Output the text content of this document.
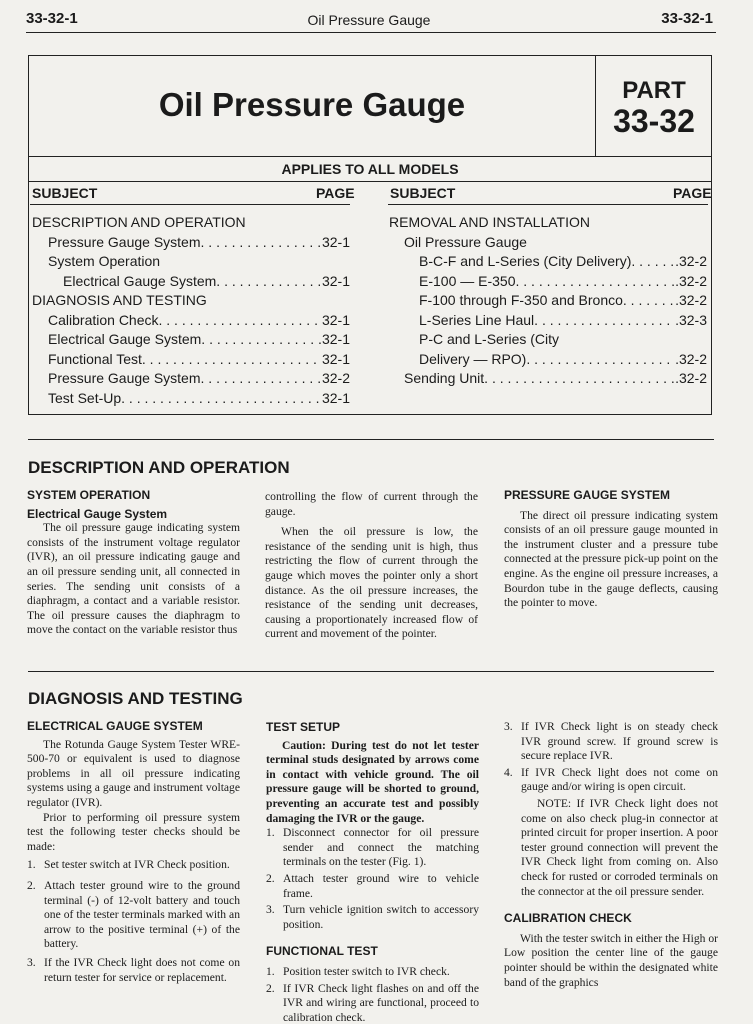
33-32-1	Oil Pressure Gauge	33-32-1
Oil Pressure Gauge	PART
33-32
APPLIES TO ALL MODELS
SUBJECT	PAGE	SUBJECT	PAGE
DESCRIPTION AND OPERATION
Pressure Gauge System . . .	32-1
System Operation
Electrical Gauge System . . .	32-1
DIAGNOSIS AND TESTING
Calibration Check . . .	32-1
Electrical Gauge System . . .	32-1
Functional Test . . .	32-1
Pressure Gauge System . . .	32-2
Test Set-Up . . .	32-1
REMOVAL AND INSTALLATION
Oil Pressure Gauge
B-C-F and L-Series (City Delivery) . . .	.32-2
E-100 — E-350 . . .	.32-2
F-100 through F-350 and Bronco . . .	.32-2
L-Series Line Haul . . .	.32-3
P-C and L-Series (City
Delivery — RPO) . . .	.32-2
Sending Unit . . .	.32-2
DESCRIPTION AND OPERATION
SYSTEM OPERATION
Electrical Gauge System

The oil pressure gauge indicating system consists of the instrument voltage regulator (IVR), an oil pressure indicating gauge and an oil pressure sending unit, all connected in series. The sending unit consists of a diaphragm, a contact and a variable resistor. The oil pressure causes the diaphragm to move the contact on the variable resistor thus

controlling the flow of current through the gauge.

When the oil pressure is low, the resistance of the sending unit is high, thus restricting the flow of current through the gauge which moves the pointer only a short distance. As the oil pressure increases, the resistance of the sending unit decreases, causing a proportionately increased flow of current and movement of the pointer.

PRESSURE GAUGE SYSTEM

The direct oil pressure indicating system consists of an oil pressure gauge mounted in the instrument cluster and a pressure tube connected at the pressure pick-up point on the engine. As the engine oil pressure increases, a Bourdon tube in the gauge deflects, causing the pointer to move.

DIAGNOSIS AND TESTING
ELECTRICAL GAUGE SYSTEM

The Rotunda Gauge System Tester WRE-500-70 or equivalent is used to diagnose problems in all oil pressure indicating systems using a gauge and instrument voltage regulator (IVR).

Prior to performing oil pressure system test the following tester checks should be made:

1. Set tester switch at IVR Check position.
2. Attach tester ground wire to the ground terminal (-) of 12-volt battery and touch one of the tester terminals marked with an arrow to the positive terminal (+) of the battery.
3. If the IVR Check light does not come on return tester for service or replacement.
TEST SETUP

Caution: During test do not let tester terminal studs designated by arrows come in contact with vehicle ground. The oil pressure gauge will be shorted to ground, preventing an accurate test and possibly damaging the IVR or the gauge.

1. Disconnect connector for oil pressure sender and connect the matching terminals on the tester (Fig. 1).
2. Attach tester ground wire to vehicle frame.
3. Turn vehicle ignition switch to accessory position.
FUNCTIONAL TEST
1. Position tester switch to IVR check.
2. If IVR Check light flashes on and off the IVR and wiring are functional, proceed to calibration check.
3. If IVR Check light is on steady check IVR ground screw. If ground screw is secure replace IVR.
4. If IVR Check light does not come on gauge and/or wiring is open circuit.

NOTE: If IVR Check light does not come on also check plug-in connector at printed circuit for proper insertion. A poor tester ground connection will prevent the IVR Check light from coming on. Also check for rusted or corroded terminals on the connector at the oil pressure sender.

CALIBRATION CHECK

With the tester switch in either the High or Low position the center line of the gauge pointer should be within the designated white band of the graphics
